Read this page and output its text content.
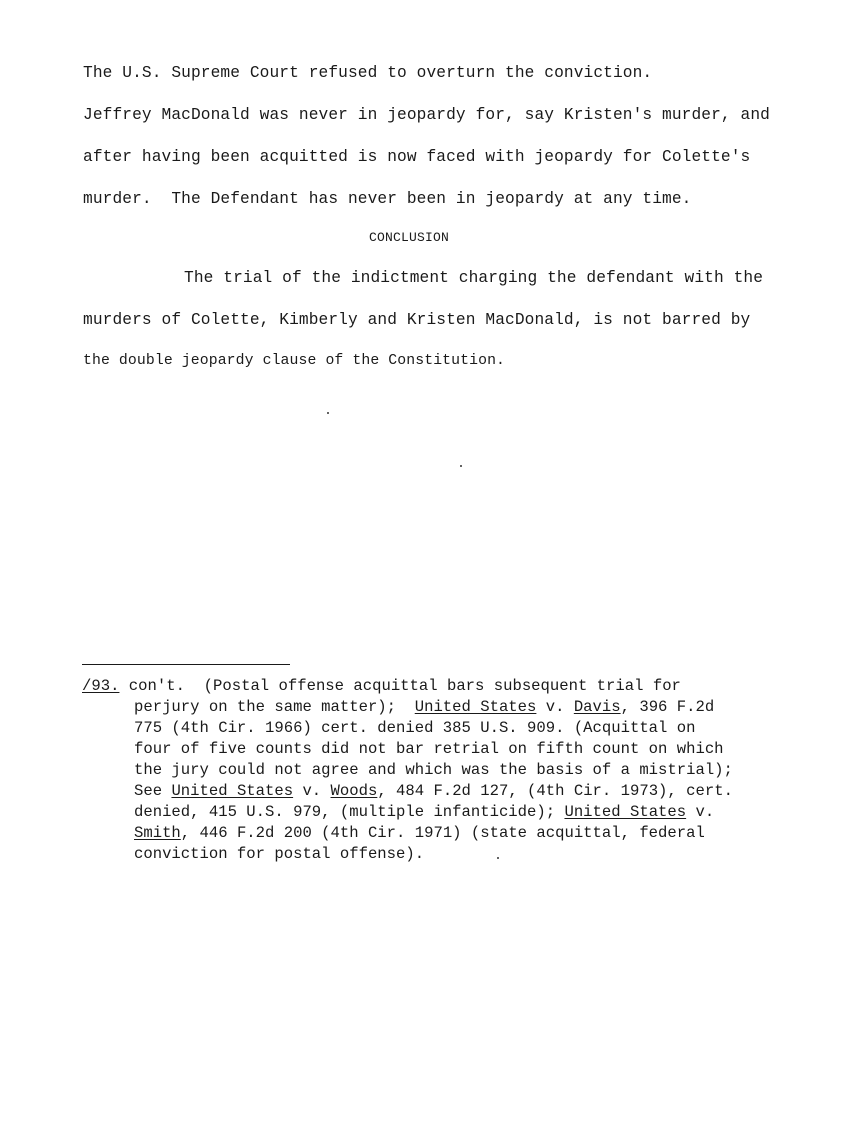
The U.S. Supreme Court refused to overturn the conviction.
Jeffrey MacDonald was never in jeopardy for, say Kristen's murder, and
after having been acquitted is now faced with jeopardy for Colette's
murder.  The Defendant has never been in jeopardy at any time.
CONCLUSION
The trial of the indictment charging the defendant with the
murders of Colette, Kimberly and Kristen MacDonald, is not barred by
the double jeopardy clause of the Constitution.
/93. con't.  (Postal offense acquittal bars subsequent trial for
perjury on the same matter);  United States v. Davis, 396 F.2d
775 (4th Cir. 1966) cert. denied 385 U.S. 909. (Acquittal on
four of five counts did not bar retrial on fifth count on which
the jury could not agree and which was the basis of a mistrial);
See United States v. Woods, 484 F.2d 127, (4th Cir. 1973), cert.
denied, 415 U.S. 979, (multiple infanticide); United States v.
Smith, 446 F.2d 200 (4th Cir. 1971) (state acquittal, federal
conviction for postal offense).
